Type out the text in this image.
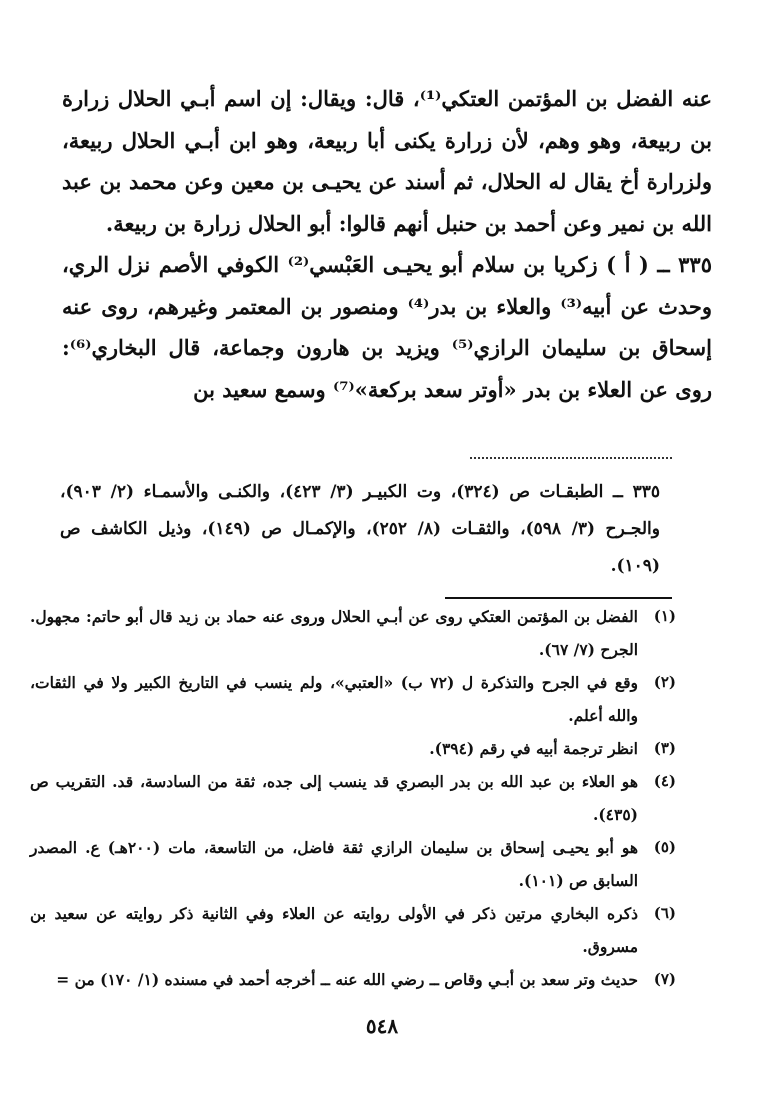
عنه الفضل بن المؤتمن العتكي⁽¹⁾، قال: ويقال: إن اسم أبـي الحلال زرارة بن ربيعة، وهو وهم، لأن زرارة يكنى أبا ربيعة، وهو ابن أبـي الحلال ربيعة، ولزرارة أخ يقال له الحلال، ثم أسند عن يحيـى بن معين وعن محمد بن عبد الله بن نمير وعن أحمد بن حنبل أنهم قالوا: أبو الحلال زرارة بن ربيعة.

٣٣٥ ــ ( أ ) زكريا بن سلام أبو يحيـى العَبْسي⁽²⁾ الكوفي الأصم نزل الري، وحدث عن أبيه⁽³⁾ والعلاء بن بدر⁽⁴⁾ ومنصور بن المعتمر وغيرهم، روى عنه إسحاق بن سليمان الرازي⁽⁵⁾ ويزيد بن هارون وجماعة، قال البخاري⁽⁶⁾: روى عن العلاء بن بدر «أوتر سعد بركعة»⁽⁷⁾ وسمع سعيد بن

٣٣٥ ــ الطبقـات ص (٣٢٤)، وت الكبيـر (٣/ ٤٢٣)، والكنـى والأسمـاء (٢/ ٩٠٣)، والجـرح (٣/ ٥٩٨)، والثقـات (٨/ ٢٥٢)، والإكمـال ص (١٤٩)، وذيل الكاشف ص (١٠٩).

(١)
الفضل بن المؤتمن العتكي روى عن أبـي الحلال وروى عنه حماد بن زيد قال أبو حاتم: مجهول. الجرح (٧/ ٦٧).
(٢)
وقع في الجرح والتذكرة ل (٧٢ ب) «العتبي»، ولم ينسب في التاريخ الكبير ولا في الثقات، والله أعلم.
(٣)
انظر ترجمة أبيه في رقم (٣٩٤).
(٤)
هو العلاء بن عبد الله بن بدر البصري قد ينسب إلى جده، ثقة من السادسة، قد. التقريب ص (٤٣٥).
(٥)
هو أبو يحيـى إسحاق بن سليمان الرازي ثقة فاضل، من التاسعة، مات (٢٠٠هـ) ع. المصدر السابق ص (١٠١).
(٦)
ذكره البخاري مرتين ذكر في الأولى روايته عن العلاء وفي الثانية ذكر روايته عن سعيد بن مسروق.
(٧)
حديث وتر سعد بن أبـي وقاص ــ رضي الله عنه ــ أخرجه أحمد في مسنده (١/ ١٧٠) من =
٥٤٨
